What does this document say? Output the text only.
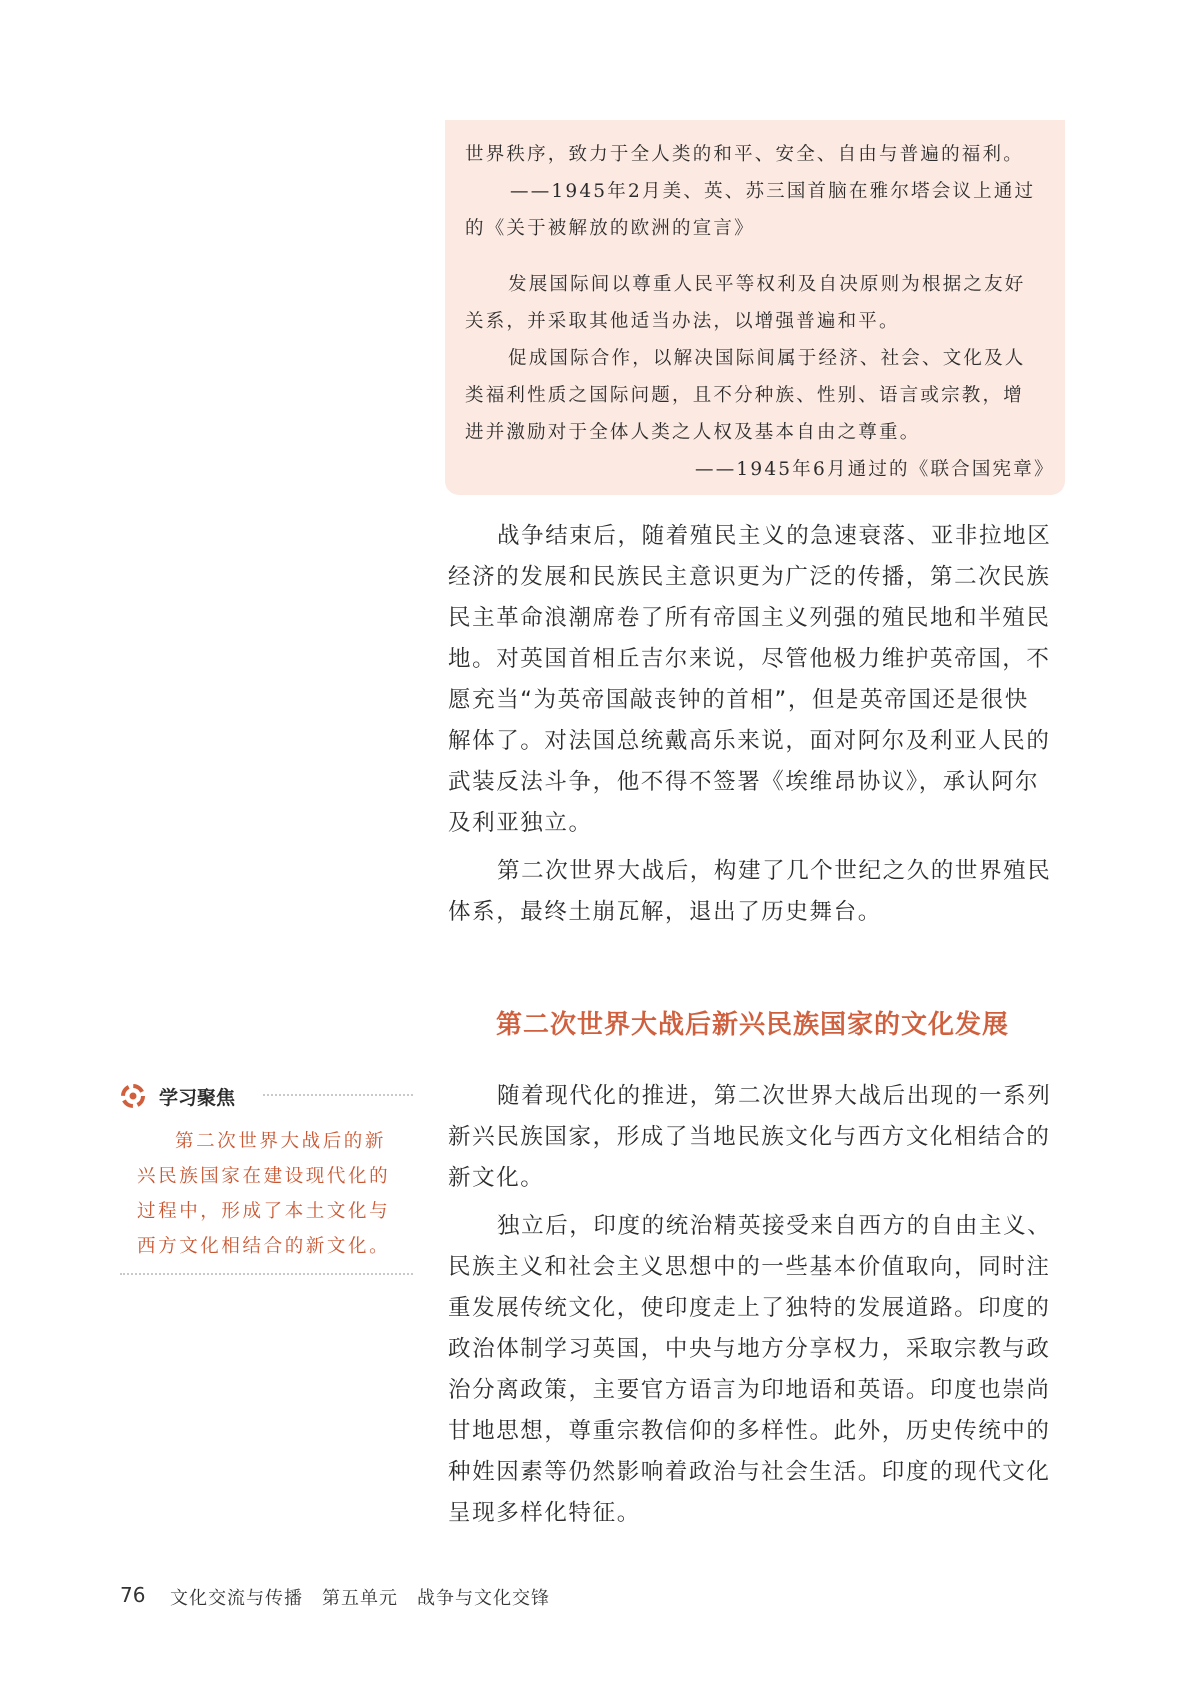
世界秩序，致力于全人类的和平、安全、自由与普遍的福利。
——1945年2月美、英、苏三国首脑在雅尔塔会议上通过
的《关于被解放的欧洲的宣言》
发展国际间以尊重人民平等权利及自决原则为根据之友好
关系，并采取其他适当办法，以增强普遍和平。
促成国际合作，以解决国际间属于经济、社会、文化及人
类福利性质之国际问题，且不分种族、性别、语言或宗教，增
进并激励对于全体人类之人权及基本自由之尊重。
——1945年6月通过的《联合国宪章》
战争结束后，随着殖民主义的急速衰落、亚非拉地区
经济的发展和民族民主意识更为广泛的传播，第二次民族
民主革命浪潮席卷了所有帝国主义列强的殖民地和半殖民
地。对英国首相丘吉尔来说，尽管他极力维护英帝国，不
愿充当“为英帝国敲丧钟的首相”，但是英帝国还是很快
解体了。对法国总统戴高乐来说，面对阿尔及利亚人民的
武装反法斗争，他不得不签署《埃维昂协议》，承认阿尔
及利亚独立。
第二次世界大战后，构建了几个世纪之久的世界殖民
体系，最终土崩瓦解，退出了历史舞台。
第二次世界大战后新兴民族国家的文化发展
学习聚焦
第二次世界大战后的新
兴民族国家在建设现代化的
过程中，形成了本土文化与
西方文化相结合的新文化。
随着现代化的推进，第二次世界大战后出现的一系列
新兴民族国家，形成了当地民族文化与西方文化相结合的
新文化。
独立后，印度的统治精英接受来自西方的自由主义、
民族主义和社会主义思想中的一些基本价值取向，同时注
重发展传统文化，使印度走上了独特的发展道路。印度的
政治体制学习英国，中央与地方分享权力，采取宗教与政
治分离政策，主要官方语言为印地语和英语。印度也崇尚
甘地思想，尊重宗教信仰的多样性。此外，历史传统中的
种姓因素等仍然影响着政治与社会生活。印度的现代文化
呈现多样化特征。
76 文化交流与传播　第五单元　战争与文化交锋
